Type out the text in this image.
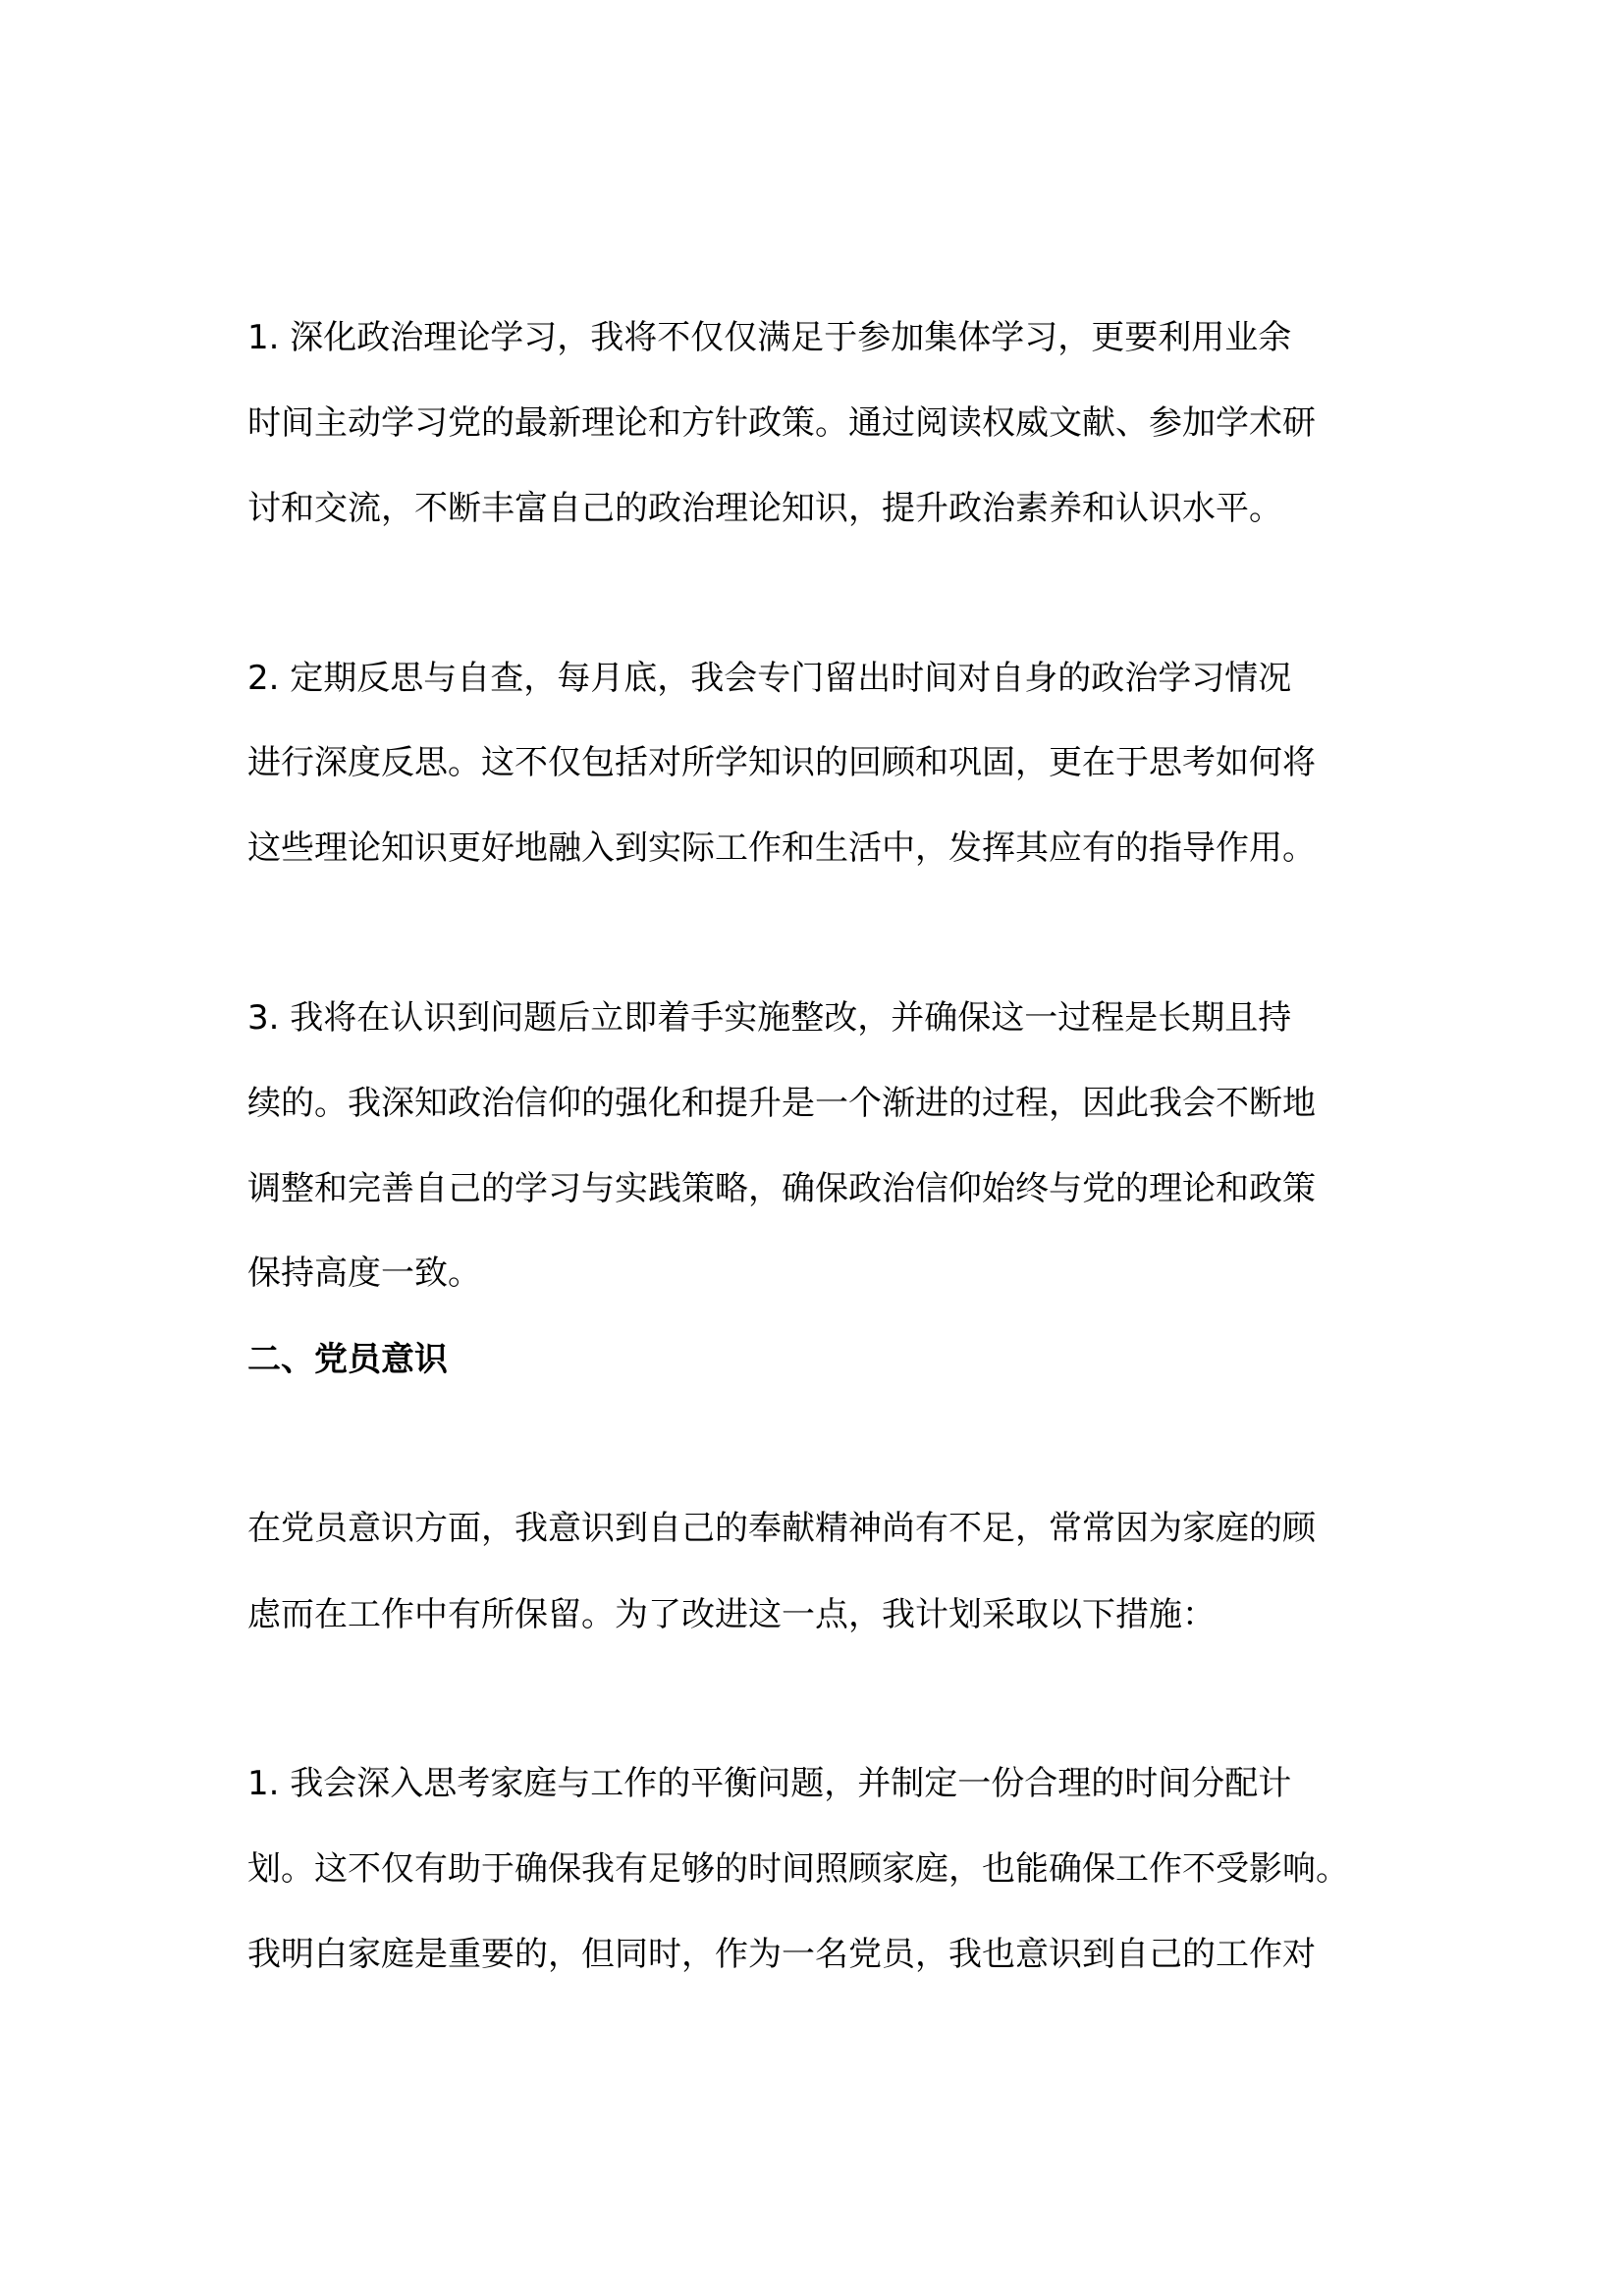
1. 深化政治理论学习，我将不仅仅满足于参加集体学习，更要利用业余
时间主动学习党的最新理论和方针政策。通过阅读权威文献、参加学术研
讨和交流，不断丰富自己的政治理论知识，提升政治素养和认识水平。
2. 定期反思与自查，每月底，我会专门留出时间对自身的政治学习情况
进行深度反思。这不仅包括对所学知识的回顾和巩固，更在于思考如何将
这些理论知识更好地融入到实际工作和生活中，发挥其应有的指导作用。
3. 我将在认识到问题后立即着手实施整改，并确保这一过程是长期且持
续的。我深知政治信仰的强化和提升是一个渐进的过程，因此我会不断地
调整和完善自己的学习与实践策略，确保政治信仰始终与党的理论和政策
保持高度一致。
二、党员意识
在党员意识方面，我意识到自己的奉献精神尚有不足，常常因为家庭的顾
虑而在工作中有所保留。为了改进这一点，我计划采取以下措施：
1. 我会深入思考家庭与工作的平衡问题，并制定一份合理的时间分配计
划。这不仅有助于确保我有足够的时间照顾家庭，也能确保工作不受影响。
我明白家庭是重要的，但同时，作为一名党员，我也意识到自己的工作对
